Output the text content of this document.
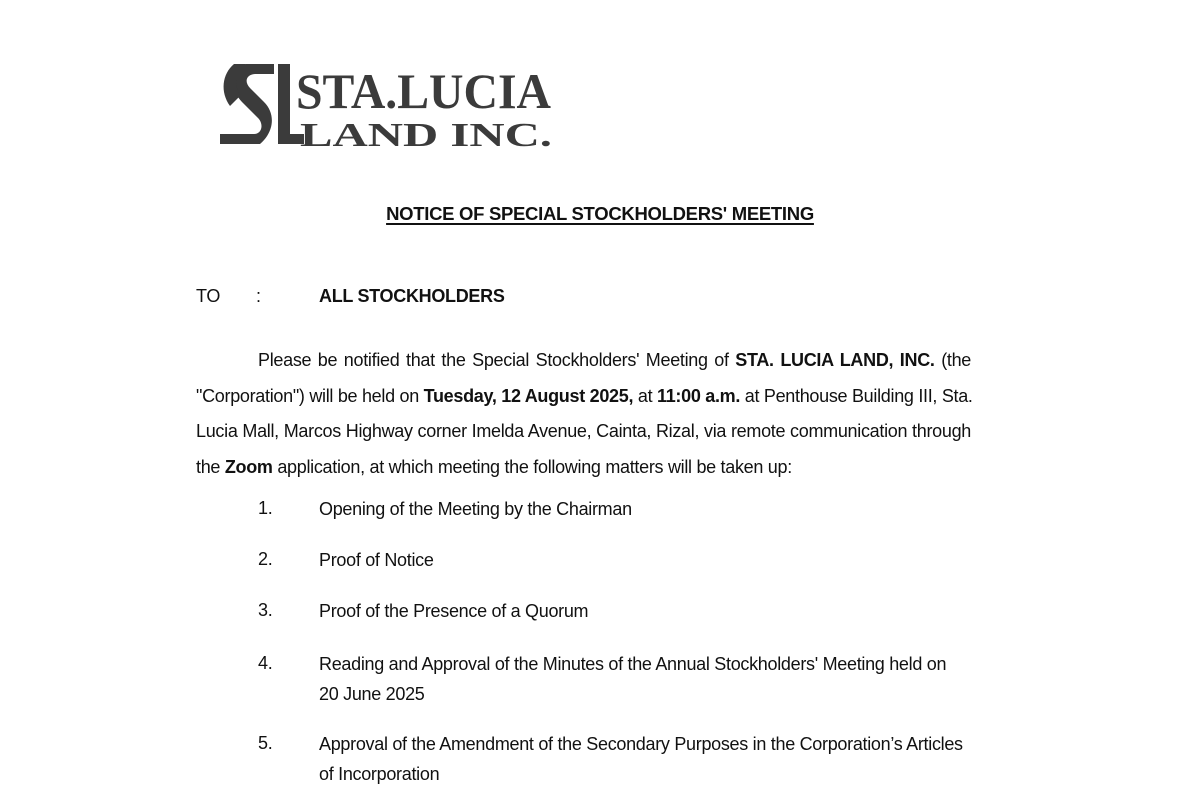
STA.LUCIA
LAND INC.
NOTICE OF SPECIAL STOCKHOLDERS' MEETING
TO :	ALL STOCKHOLDERS
Please be notified that the Special Stockholders' Meeting of STA. LUCIA LAND, INC. (the
"Corporation") will be held on Tuesday, 12 August 2025, at 11:00 a.m. at Penthouse Building III, Sta.
Lucia Mall, Marcos Highway corner Imelda Avenue, Cainta, Rizal, via remote communication through
the Zoom application, at which meeting the following matters will be taken up:
1.	Opening of the Meeting by the Chairman
2.	Proof of Notice
3.	Proof of the Presence of a Quorum
4.	Reading and Approval of the Minutes of the Annual Stockholders' Meeting held on 20 June 2025
5.	Approval of the Amendment of the Secondary Purposes in the Corporation’s Articles of Incorporation
